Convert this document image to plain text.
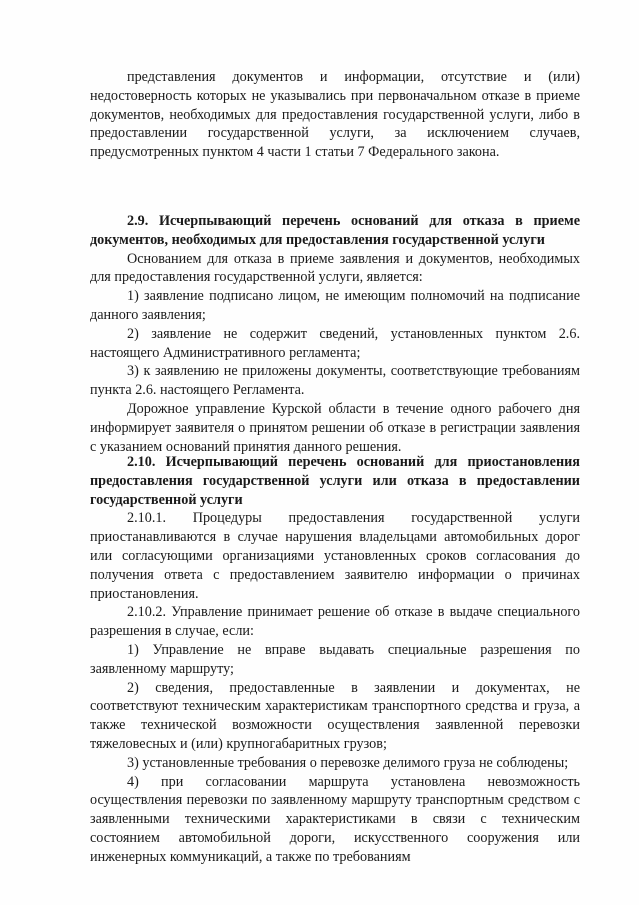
представления документов и информации, отсутствие и (или) недостоверность которых не указывались при первоначальном отказе в приеме документов, необходимых для предоставления государственной услуги, либо в предоставлении государственной услуги, за исключением случаев, предусмотренных пунктом 4 части 1 статьи 7 Федерального закона.

2.9. Исчерпывающий перечень оснований для отказа в приеме документов, необходимых для предоставления государственной услуги

Основанием для отказа в приеме заявления и документов, необходимых для предоставления государственной услуги, является:

1) заявление подписано лицом, не имеющим полномочий на подписание данного заявления;

2) заявление не содержит сведений, установленных пунктом 2.6. настоящего Административного регламента;

3) к заявлению не приложены документы, соответствующие требованиям пункта 2.6. настоящего Регламента.

Дорожное управление Курской области в течение одного рабочего дня информирует заявителя о принятом решении об отказе в регистрации заявления с указанием оснований принятия данного решения.

2.10. Исчерпывающий перечень оснований для приостановления предоставления государственной услуги или отказа в предоставлении государственной услуги

2.10.1. Процедуры предоставления государственной услуги приостанавливаются в случае нарушения владельцами автомобильных дорог или согласующими организациями установленных сроков согласования до получения ответа с предоставлением заявителю информации о причинах приостановления.

2.10.2. Управление принимает решение об отказе в выдаче специального разрешения в случае, если:

1) Управление не вправе выдавать специальные разрешения по заявленному маршруту;

2) сведения, предоставленные в заявлении и документах, не соответствуют техническим характеристикам транспортного средства и груза, а также технической возможности осуществления заявленной перевозки тяжеловесных и (или) крупногабаритных грузов;

3) установленные требования о перевозке делимого груза не соблюдены;

4) при согласовании маршрута установлена невозможность осуществления перевозки по заявленному маршруту транспортным средством с заявленными техническими характеристиками в связи с техническим состоянием автомобильной дороги, искусственного сооружения или инженерных коммуникаций, а также по требованиям
